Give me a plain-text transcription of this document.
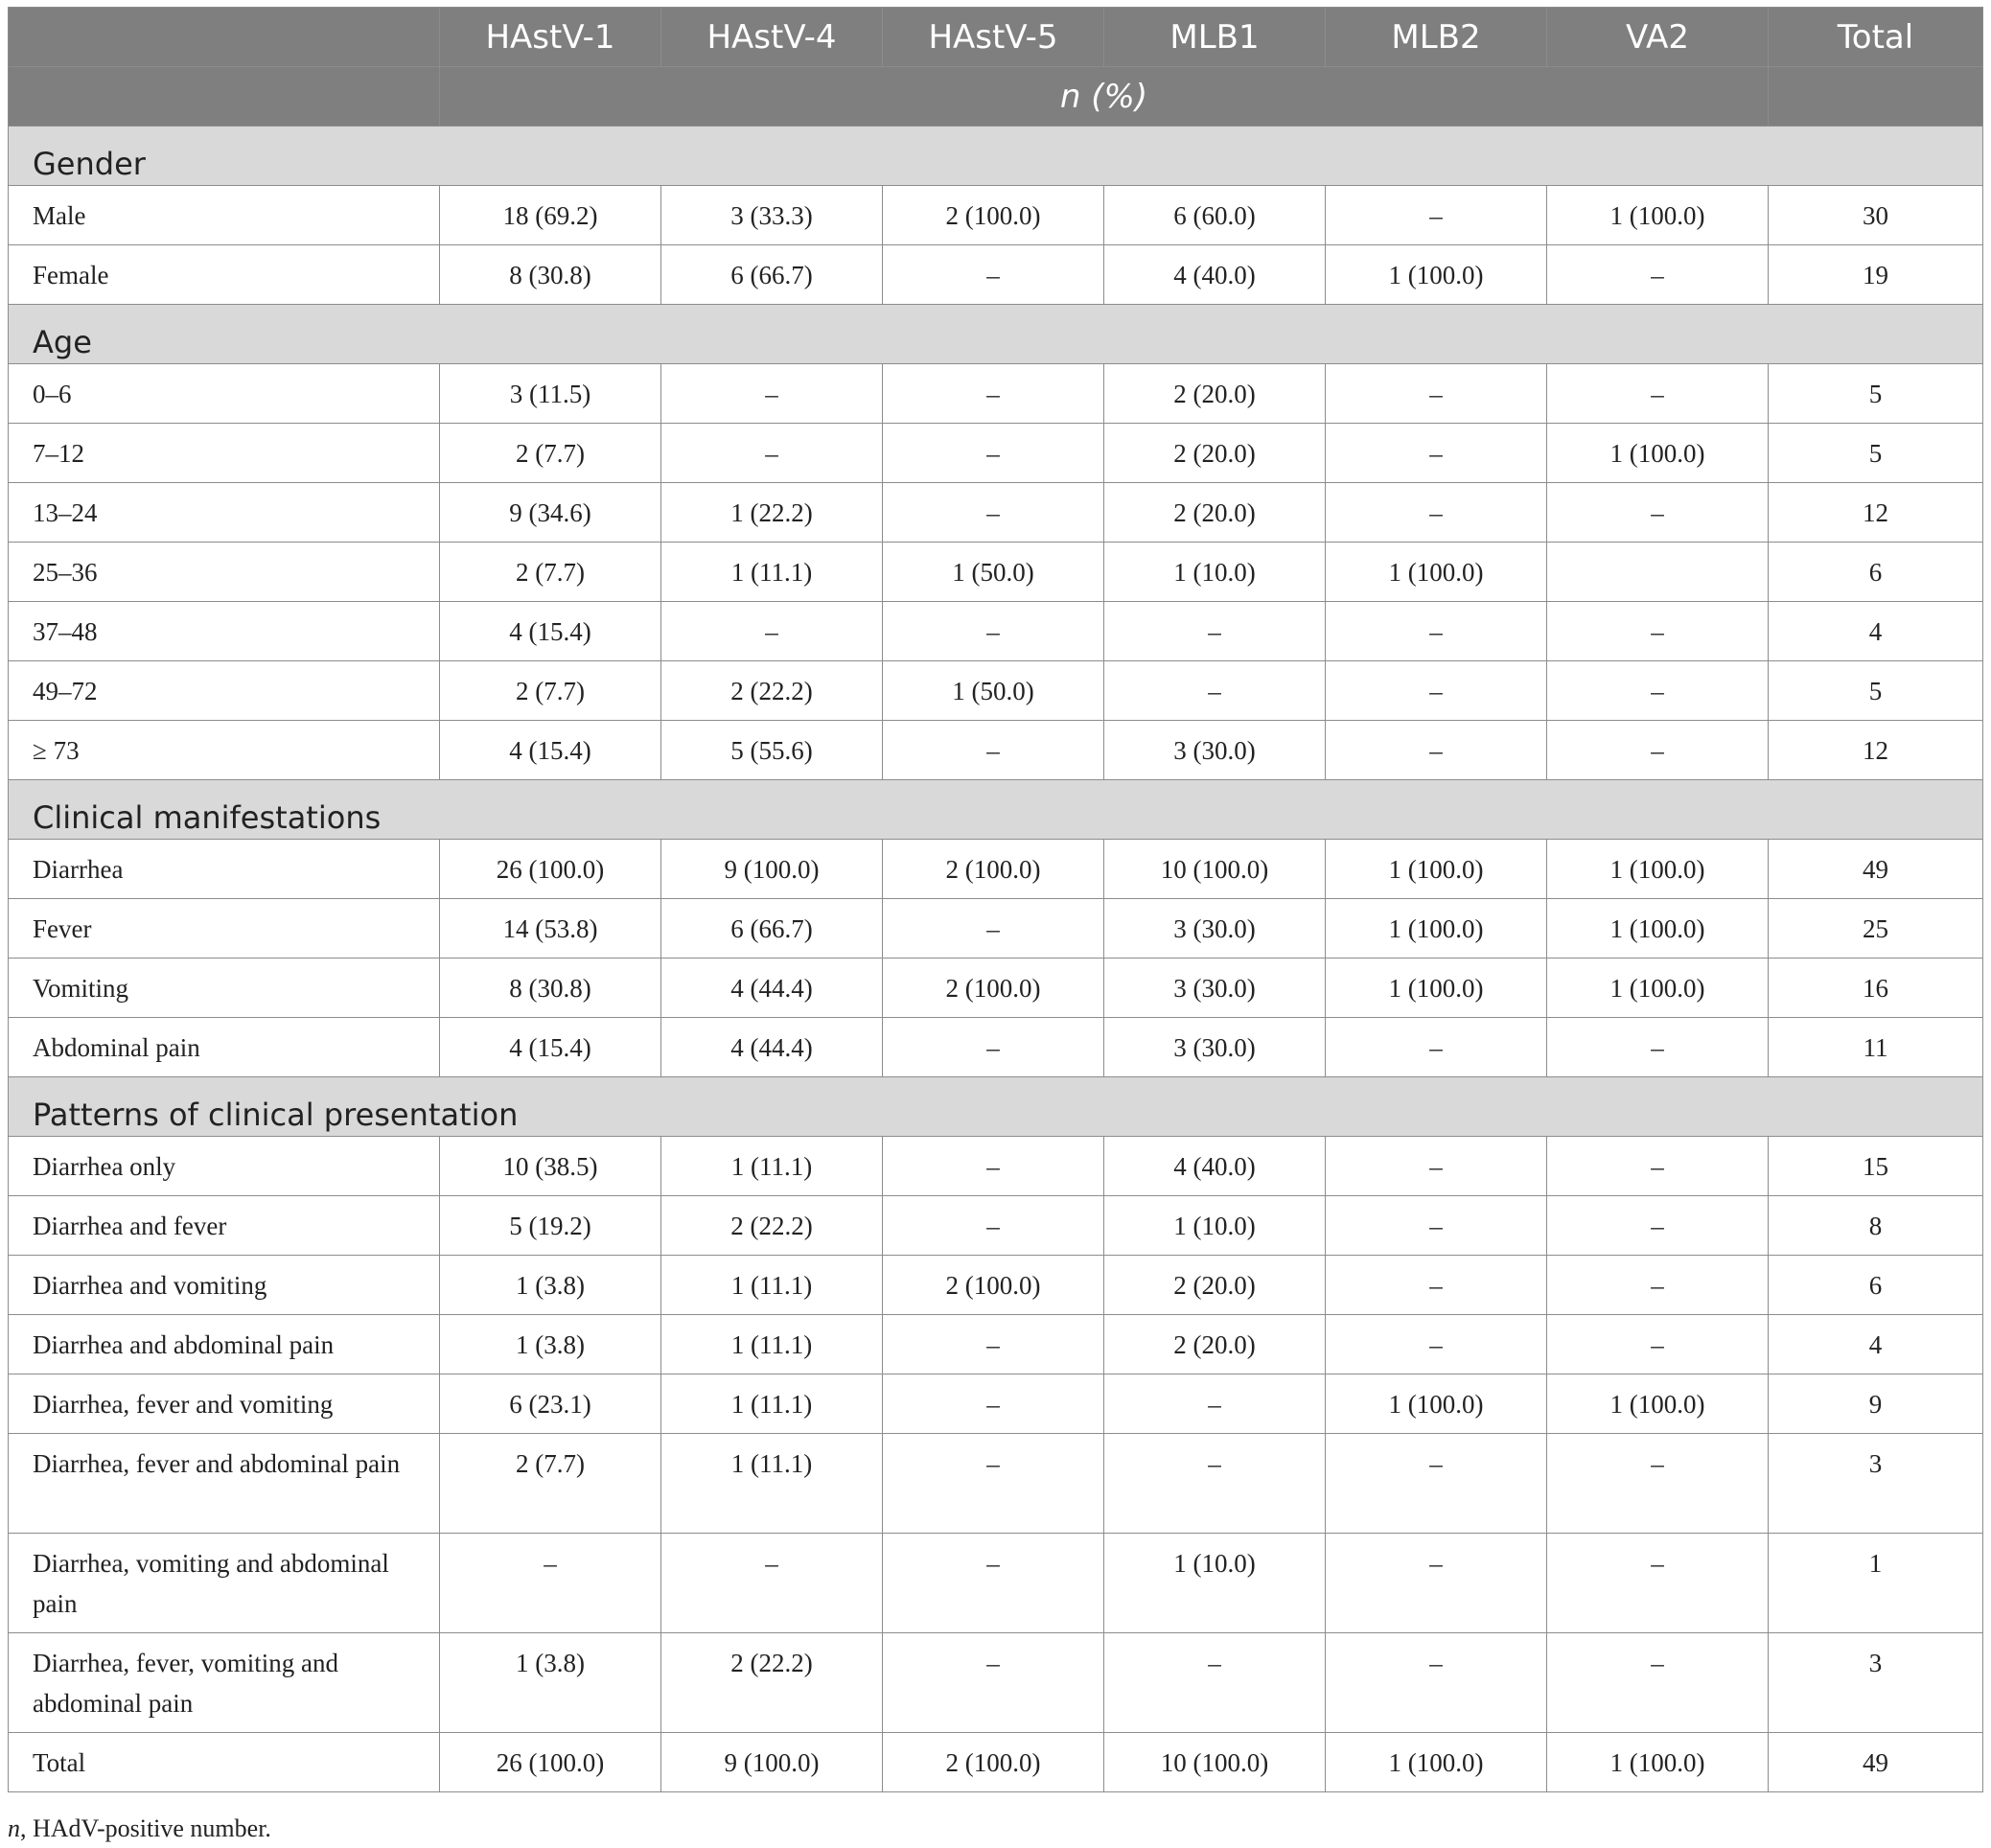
	HAstV-1	HAstV-4	HAstV-5	MLB1	MLB2	VA2	Total
	n (%)						
Gender							
Male	18 (69.2)	3 (33.3)	2 (100.0)	6 (60.0)	–	1 (100.0)	30
Female	8 (30.8)	6 (66.7)	–	4 (40.0)	1 (100.0)	–	19
Age							
0–6	3 (11.5)	–	–	2 (20.0)	–	–	5
7–12	2 (7.7)	–	–	2 (20.0)	–	1 (100.0)	5
13–24	9 (34.6)	1 (22.2)	–	2 (20.0)	–	–	12
25–36	2 (7.7)	1 (11.1)	1 (50.0)	1 (10.0)	1 (100.0)		6
37–48	4 (15.4)	–	–	–	–	–	4
49–72	2 (7.7)	2 (22.2)	1 (50.0)	–	–	–	5
≥ 73	4 (15.4)	5 (55.6)	–	3 (30.0)	–	–	12
Clinical manifestations							
Diarrhea	26 (100.0)	9 (100.0)	2 (100.0)	10 (100.0)	1 (100.0)	1 (100.0)	49
Fever	14 (53.8)	6 (66.7)	–	3 (30.0)	1 (100.0)	1 (100.0)	25
Vomiting	8 (30.8)	4 (44.4)	2 (100.0)	3 (30.0)	1 (100.0)	1 (100.0)	16
Abdominal pain	4 (15.4)	4 (44.4)	–	3 (30.0)	–	–	11
Patterns of clinical presentation							
Diarrhea only	10 (38.5)	1 (11.1)	–	4 (40.0)	–	–	15
Diarrhea and fever	5 (19.2)	2 (22.2)	–	1 (10.0)	–	–	8
Diarrhea and vomiting	1 (3.8)	1 (11.1)	2 (100.0)	2 (20.0)	–	–	6
Diarrhea and abdominal pain	1 (3.8)	1 (11.1)	–	2 (20.0)	–	–	4
Diarrhea, fever and vomiting	6 (23.1)	1 (11.1)	–	–	1 (100.0)	1 (100.0)	9
Diarrhea, fever and abdominal pain	2 (7.7)	1 (11.1)	–	–	–	–	3
Diarrhea, vomiting and abdominal pain	–	–	–	1 (10.0)	–	–	1
Diarrhea, fever, vomiting and abdominal pain	1 (3.8)	2 (22.2)	–	–	–	–	3
Total	26 (100.0)	9 (100.0)	2 (100.0)	10 (100.0)	1 (100.0)	1 (100.0)	49
n, HAdV-positive number.
